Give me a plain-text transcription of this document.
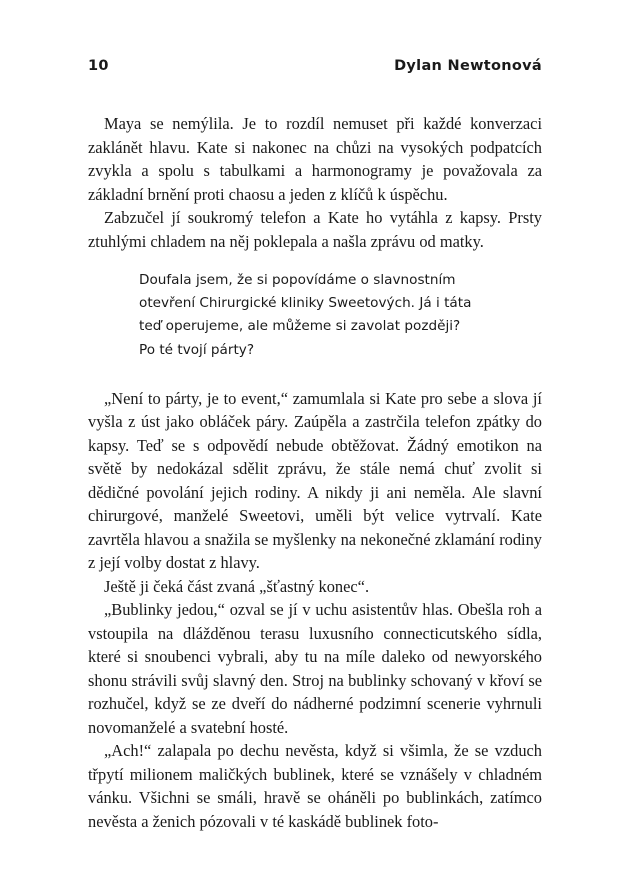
10	Dylan Newtonová

Maya se nemýlila. Je to rozdíl nemuset při každé konverzaci zaklánět hlavu. Kate si nakonec na chůzi na vysokých podpatcích zvykla a spolu s tabulkami a harmonogramy je považovala za základní brnění proti chaosu a jeden z klíčů k úspěchu.

Zabzučel jí soukromý telefon a Kate ho vytáhla z kapsy. Prsty ztuhlými chladem na něj poklepala a našla zprávu od matky.

Doufala jsem, že si popovídáme o slavnostním
otevření Chirurgické kliniky Sweetových. Já i táta
teď operujeme, ale můžeme si zavolat později?
Po té tvojí párty?

„Není to párty, je to event,“ zamumlala si Kate pro sebe a slova jí vyšla z úst jako obláček páry. Zaúpěla a zastrčila telefon zpátky do kapsy. Teď se s odpovědí nebude obtěžovat. Žádný emotikon na světě by nedokázal sdělit zprávu, že stále nemá chuť zvolit si dědičné povolání jejich rodiny. A nikdy ji ani neměla. Ale slavní chirurgové, manželé Sweetovi, uměli být velice vytrvalí. Kate zavrtěla hlavou a snažila se myšlenky na nekonečné zklamání rodiny z její volby dostat z hlavy.

Ještě ji čeká část zvaná „šťastný konec“.

„Bublinky jedou,“ ozval se jí v uchu asistentův hlas. Obešla roh a vstoupila na dlážděnou terasu luxusního connecticutského sídla, které si snoubenci vybrali, aby tu na míle daleko od newyorského shonu strávili svůj slavný den. Stroj na bublinky schovaný v křoví se rozhučel, když se ze dveří do nádherné podzimní scenerie vyhrnuli novomanželé a svatební hosté.

„Ach!“ zalapala po dechu nevěsta, když si všimla, že se vzduch třpytí milionem maličkých bublinek, které se vznášely v chladném vánku. Všichni se smáli, hravě se oháněli po bublinkách, zatímco nevěsta a ženich pózovali v té kaskádě bublinek foto-
